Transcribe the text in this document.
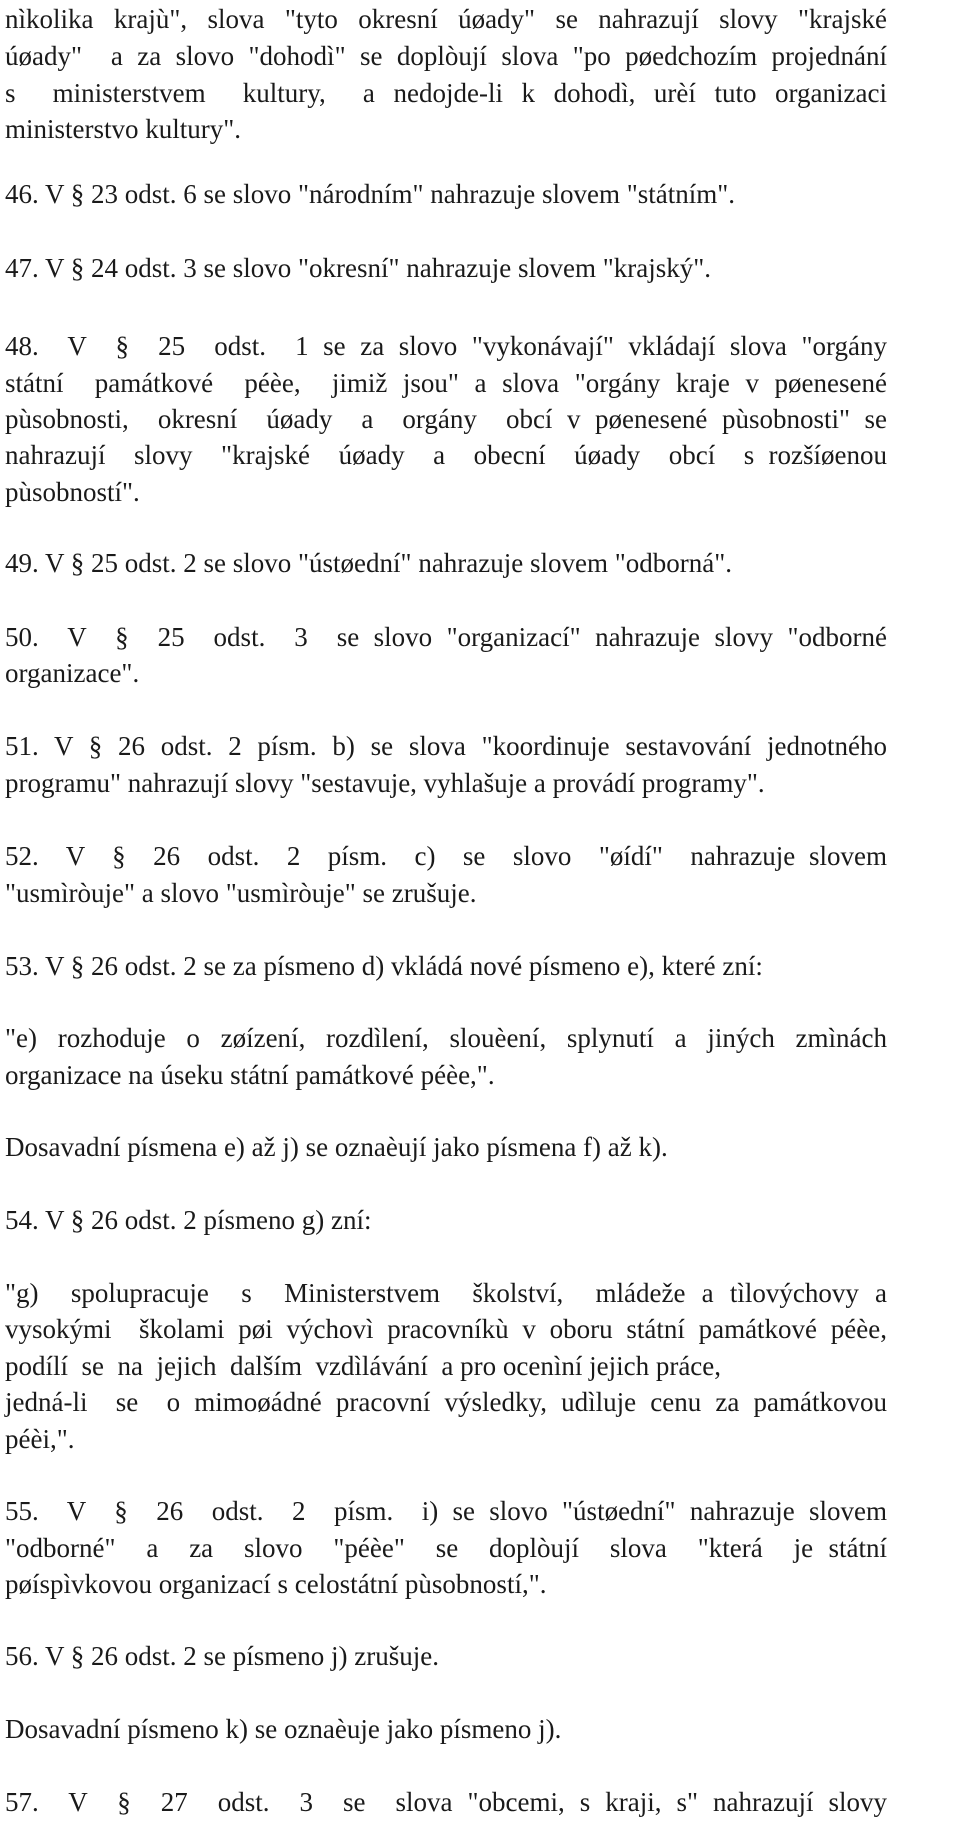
nìkolika krajù", slova "tyto okresní úøady" se nahrazují slovy "krajské
úøady"  a za slovo "dohodì" se doplòují slova "po pøedchozím projednání
s  ministerstvem  kultury,  a nedojde-li k dohodì, urèí tuto organizaci
ministerstvo kultury".
46. V § 23 odst. 6 se slovo "národním" nahrazuje slovem "státním".
47. V § 24 odst. 3 se slovo "okresní" nahrazuje slovem "krajský".
48.  V  §  25  odst.  1 se za slovo "vykonávají" vkládají slova "orgány
státní  památkové  péèe,  jimiž jsou" a slova "orgány kraje v pøenesené
pùsobnosti,  okresní  úøady  a  orgány  obcí v pøenesené pùsobnosti" se
nahrazují  slovy  "krajské  úøady  a  obecní  úøady  obcí  s rozšíøenou
pùsobností".
49. V § 25 odst. 2 se slovo "ústøední" nahrazuje slovem "odborná".
50.  V  §  25  odst.  3  se slovo "organizací" nahrazuje slovy "odborné
organizace".
51. V § 26 odst. 2 písm. b) se slova "koordinuje sestavování jednotného
programu" nahrazují slovy "sestavuje, vyhlašuje a provádí programy".
52.  V  §  26  odst.  2  písm.  c)  se  slovo  "øídí"  nahrazuje slovem
"usmìròuje" a slovo "usmìròuje" se zrušuje.
53. V § 26 odst. 2 se za písmeno d) vkládá nové písmeno e), které zní:
"e) rozhoduje o zøízení, rozdìlení, slouèení, splynutí a jiných zmìnách
organizace na úseku státní památkové péèe,".
Dosavadní písmena e) až j) se oznaèují jako písmena f) až k).
54. V § 26 odst. 2 písmeno g) zní:
"g)  spolupracuje  s  Ministerstvem  školství,  mládeže a tìlovýchovy a
vysokými  školami pøi výchovì pracovníkù v oboru státní památkové péèe,
podílí  se  na  jejich  dalším  vzdìlávání  a pro ocenìní jejich práce,
jedná-li  se  o mimoøádné pracovní výsledky, udìluje cenu za památkovou
péèi,".
55.  V  §  26  odst.  2  písm.  i) se slovo "ústøední" nahrazuje slovem
"odborné"  a  za  slovo  "péèe"  se  doplòují  slova  "která  je státní
pøíspìvkovou organizací s celostátní pùsobností,".
56. V § 26 odst. 2 se písmeno j) zrušuje.
Dosavadní písmeno k) se oznaèuje jako písmeno j).
57.  V  §  27  odst.  3  se  slova "obcemi, s kraji, s" nahrazují slovy
